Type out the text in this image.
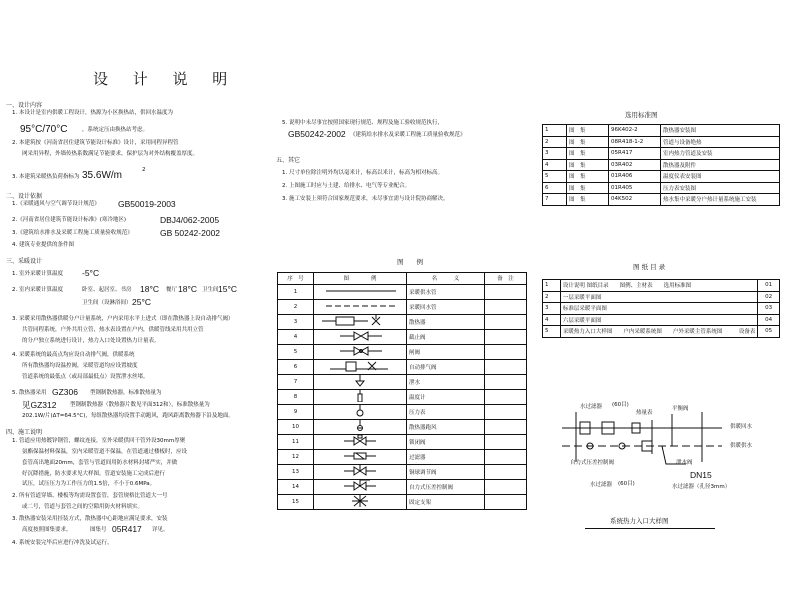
设 计 说 明
一、设计内容
1. 本设计是室内供暖工程设计，热源为小区换热站，供回水温度为
95°C/70°C	，系统定压由换热站考虑。
2. 本建筑按《河南省居住建筑节能设计标准》设计，采用同程异程管
网采用异程，外墙传热系数满足节能要求，保护层为对外结构覆盖厚度。
3. 本建筑采暖热负荷指标为 35.6W/m	2
二、设计依据
1.《采暖通风与空气调节设计规范》 GB50019-2003
2.《河南省居住建筑节能设计标准》(寒冷地区)	DBJ4/062-2005
3.《建筑给水排水及采暖工程施工质量验收规范》	GB 50242-2002
4. 建筑专业提供的条件图
三、采暖设计
1. 室外采暖计算温度 -5°C
2. 室内采暖计算温度	卧室、起居室、书房 18°C 餐厅 18°C 卫生间 15°C
卫生间（设淋浴间） 25°C
3. 采暖采用散热器供暖分户计量系统，户内采用水平上进式（即在散热器上设自动排气阀）
共管同程系统，户外共用立管，热水表设置在户内，供暖管线采用共用立管
的分户独立系统进行设计，热力入口处设置热力计量表。
4. 采暖系统的最高点均应设自动排气阀，供暖系统
所有散热器均设温控阀，采暖管道均应设置坡度
管道系统的最低点（或局部最低点）设置泄水丝堵。
5. 散热器采用 GZ306 型钢制散热器，标准散热量为
见GZ312 型钢制散热器（散热器片数见平面312和），标准散热量为
202.1W/片(ΔT=64.5°C)，每组散热器均设置手动跑风，跑风距离散热器下沿及地面。
四、施工说明
1. 管道应用热镀锌钢管，螺纹连接，室外采暖供回干管外设30mm厚聚
氨酯保温材料保温，室内采暖管道不保温，在管道通过楼板时，应设
套管高出地面20mm，套管与管道间用防水材料封堵严实，并做
好沉降措施，防水要求见大样图。管道安装施工完成后进行
试压，试压压力为工作压力的1.5倍，不小于0.6MPa。
2. 所有管道穿墙、楼板等均需设置套管，套管规格比管道大一号
或二号，管道与套管之间的空隙用防火材料填实。
3. 散热器安装采用挂装方式，散热器中心距地应满足要求，安装
高度按照图集要求。	图集号 05R417 详见。
4. 系统安装完毕后应进行冲洗及试运行。
5. 说明中未尽事宜按照国家现行规范、规程及施工验收规范执行，
GB50242-2002 《建筑给水排水及采暖工程施工质量验收规范》
五、其它
1. 尺寸单位除注明外均以毫米计，标高以米计，标高为相对标高。
2. 上图施工时应与土建、给排水、电气等专业配合。
3. 施工安装上须符合国家规范要求，未尽事宜需与设计院协商解决。
选用标准图
1	图　集	96K402-2	散热器安装图
2	图　集	08R418-1-2	管道与设备绝热
3	图　集	05R417	室内热力管道及安装
4	图　集	03R402	散热器及附件
5	图　集	01R406	温度仪表安装图
6	图　集	01R405	压力表安装图
7	图　集	04K502	热水集中采暖分户热计量系统施工安装
图 纸 目 录
1	设计说明 图纸目录　　图例、主材表　　选用标准图	01
2	一层采暖平面图	02
3	标准层采暖平面图	03
4	六层采暖平面图	04
5	采暖热力入口大样图　　户内采暖系统图　　户外采暖主管系统图　　　设备表	05
图　　例
序　号	图　　　　例	名　　　义	备　注
1		采暖供水管	
2		采暖回水管	
3		散热器	
4		截止阀	
5		闸阀	
6		自动排气阀	
7		泄水	
8		温度计	
9		压力表	
10		散热器跑风	
11		锁闭阀	
12		过滤器	
13		铜球调节阀	
14		自力式压差控制阀	
15		固定支架	
水过滤器 (60目)
热量表
平衡阀
自力式压差控制阀
水过滤器 (60目)
泄水阀
DN15
水过滤器（孔径3mm）
供暖回水
供暖供水
系统热力入口大样图
